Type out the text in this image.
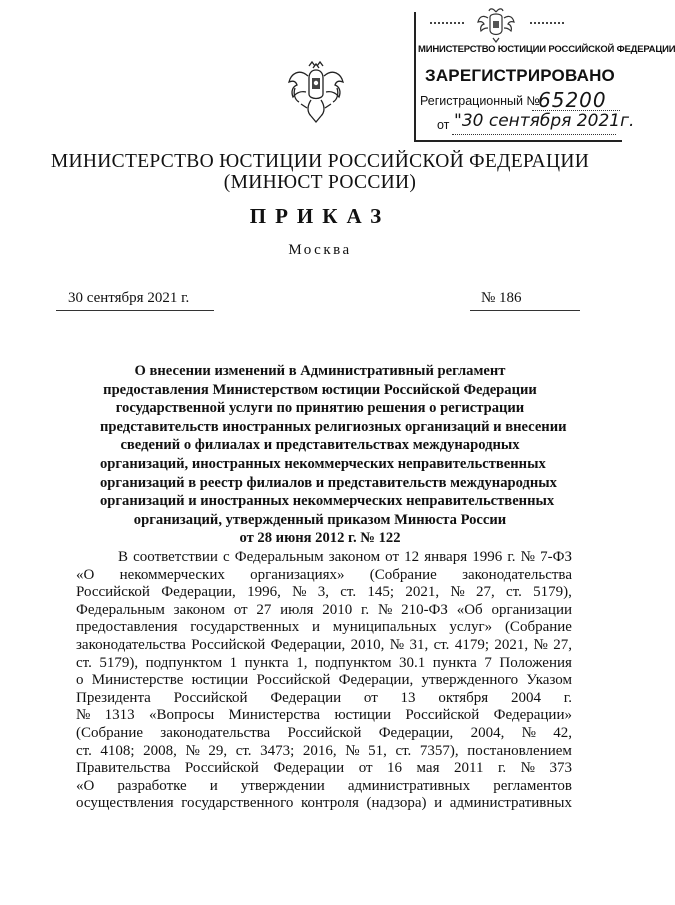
МИНИСТЕРСТВО ЮСТИЦИИ РОССИЙСКОЙ ФЕДЕРАЦИИ
ЗАРЕГИСТРИРОВАНО
Регистрационный №
65200
от "30 сентября 2021г.
МИНИСТЕРСТВО ЮСТИЦИИ РОССИЙСКОЙ ФЕДЕРАЦИИ
(МИНЮСТ РОССИИ)
ПРИКАЗ
Москва
30 сентября 2021 г.	№ 186
О внесении изменений в Административный регламент
предоставления Министерством юстиции Российской Федерации
государственной услуги по принятию решения о регистрации
представительств иностранных религиозных организаций и внесении
сведений о филиалах и представительствах международных
организаций, иностранных некоммерческих неправительственных
организаций в реестр филиалов и представительств международных
организаций и иностранных некоммерческих неправительственных
организаций, утвержденный приказом Минюста России
от 28 июня 2012 г. № 122
В соответствии с Федеральным законом от 12 января 1996 г. № 7-ФЗ
«О некоммерческих организациях» (Собрание законодательства
Российской Федерации, 1996, № 3, ст. 145; 2021, № 27, ст. 5179),
Федеральным законом от 27 июля 2010 г. № 210-ФЗ «Об организации
предоставления государственных и муниципальных услуг» (Собрание
законодательства Российской Федерации, 2010, № 31, ст. 4179; 2021, № 27,
ст. 5179), подпунктом 1 пункта 1, подпунктом 30.1 пункта 7 Положения
о Министерстве юстиции Российской Федерации, утвержденного Указом
Президента Российской Федерации от 13 октября 2004 г.
№ 1313 «Вопросы Министерства юстиции Российской Федерации»
(Собрание законодательства Российской Федерации, 2004, № 42,
ст. 4108; 2008, № 29, ст. 3473; 2016, № 51, ст. 7357), постановлением
Правительства Российской Федерации от 16 мая 2011 г. № 373
«О разработке и утверждении административных регламентов
осуществления государственного контроля (надзора) и административных
